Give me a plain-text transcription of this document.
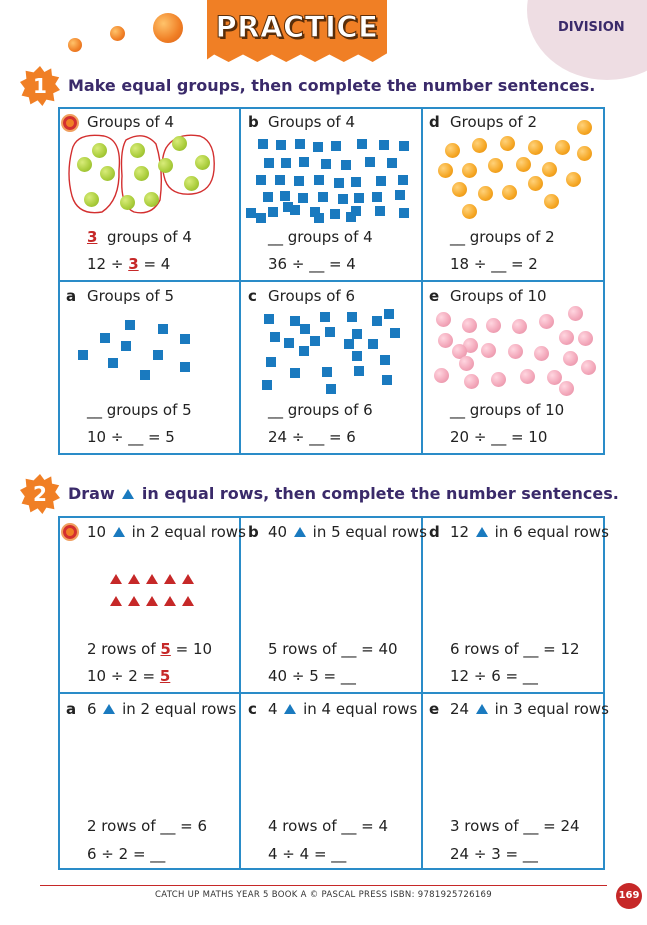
DIVISION
PRACTICE
1	Make equal groups, then complete the number sentences.
Groups of 4
3 groups of 4
12 ÷ 3 = 4
b Groups of 4
__ groups of 4
36 ÷ __ = 4
d Groups of 2
__ groups of 2
18 ÷ __ = 2
a Groups of 5
__ groups of 5
10 ÷ __ = 5
c Groups of 6
__ groups of 6
24 ÷ __ = 6
e Groups of 10
__ groups of 10
20 ÷ __ = 10
2	Draw in equal rows, then complete the number sentences.
10 in 2 equal rows
2 rows of 5 = 10
10 ÷ 2 = 5
b 40 in 5 equal rows
5 rows of __ = 40
40 ÷ 5 = __
d 12 in 6 equal rows
6 rows of __ = 12
12 ÷ 6 = __
a 6 in 2 equal rows
2 rows of __ = 6
6 ÷ 2 = __
c 4 in 4 equal rows
4 rows of __ = 4
4 ÷ 4 = __
e 24 in 3 equal rows
3 rows of __ = 24
24 ÷ 3 = __
CATCH UP MATHS YEAR 5 BOOK A © PASCAL PRESS ISBN: 9781925726169	169
